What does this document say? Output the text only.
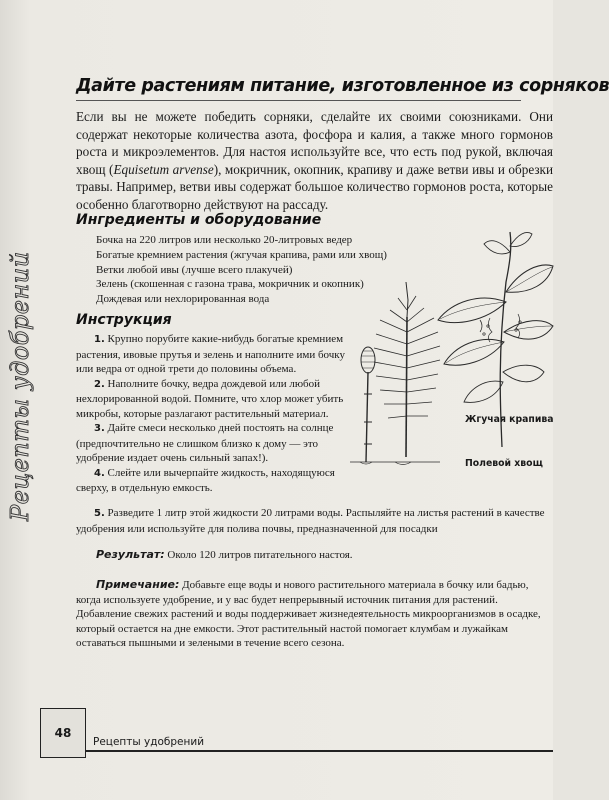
Рецепты удобрений
Дайте растениям питание, изготовленное из сорняков
Если вы не можете победить сорняки, сделайте их своими союзниками. Они содержат некоторые количества азота, фосфора и калия, а также много гормонов роста и микроэлементов. Для настоя используйте все, что есть под рукой, включая хвощ (Equisetum arvense), мокричник, окопник, крапиву и даже ветви ивы и обрезки травы. Например, ветви ивы содержат большое количество гормонов роста, которые особенно благотворно действуют на рассаду.
Ингредиенты и оборудование
Бочка на 220 литров или несколько 20-литровых ведер
Богатые кремнием растения (жгучая крапива, рами или хвощ)
Ветки любой ивы (лучше всего плакучей)
Зелень (скошенная с газона трава, мокричник и окопник)
Дождевая или нехлорированная вода
Инструкция

1. Крупно порубите какие-нибудь богатые кремнием растения, ивовые прутья и зелень и наполните ими бочку или ведра от одной трети до половины объема.

2. Наполните бочку, ведра дождевой или любой нехлорированной водой. Помните, что хлор может убить микробы, которые разлагают растительный материал.

3. Дайте смеси несколько дней постоять на солнце (предпочтительно не слишком близко к дому — это удобрение издает очень сильный запах!).

4. Слейте или вычерпайте жидкость, находящуюся сверху, в отдельную емкость.

5. Разведите 1 литр этой жидкости 20 литрами воды. Распыляйте на листья растений в качестве удобрения или используйте для полива почвы, предназначенной для посадки

Жгучая крапива
Полевой хвощ
Результат: Около 120 литров питательного настоя.
Примечание: Добавьте еще воды и нового растительного материала в бочку или бадью, когда используете удобрение, и у вас будет непрерывный источник питания для растений. Добавление свежих растений и воды поддерживает жизнедеятельность микроорганизмов в осадке, который остается на дне емкости. Этот растительный настой помогает клумбам и лужайкам оставаться пышными и зелеными в течение всего сезона.
48
Рецепты удобрений
